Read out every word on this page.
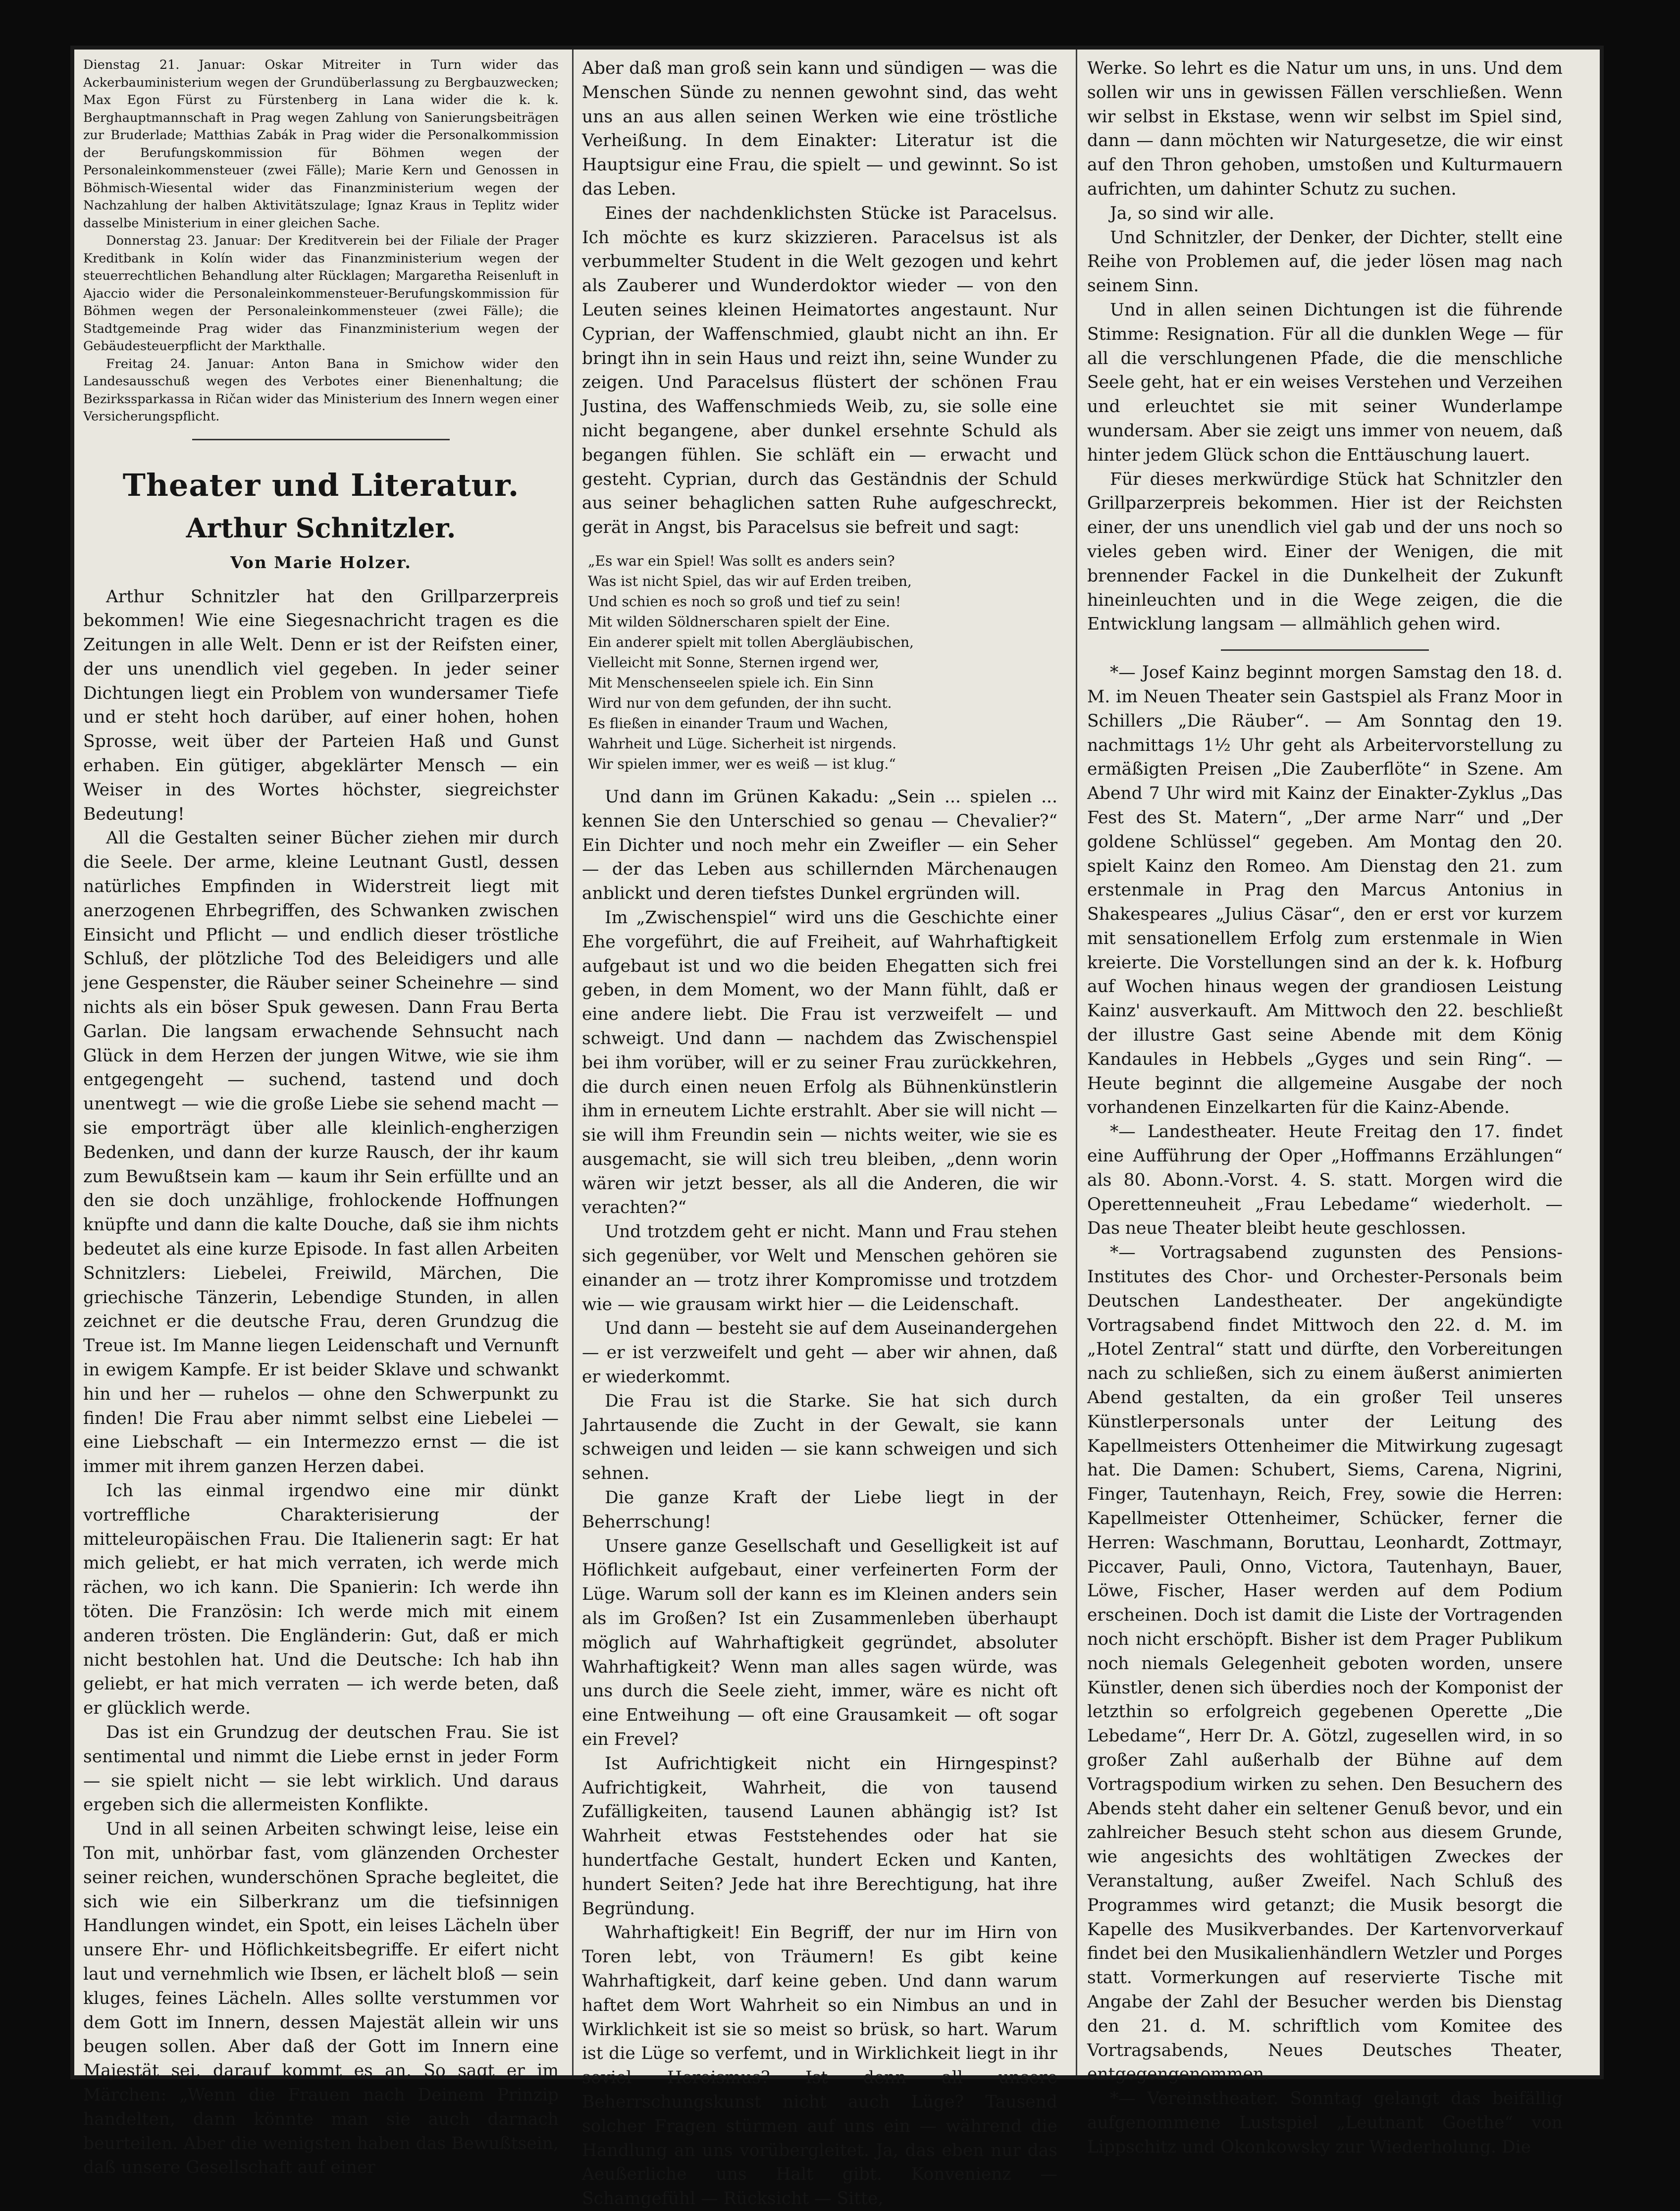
Dienstag 21. Januar: Oskar Mitreiter in Turn wider das Ackerbauministerium wegen der Grundüberlassung zu Bergbauzwecken; Max Egon Fürst zu Fürstenberg in Lana wider die k. k. Berghauptmannschaft in Prag wegen Zahlung von Sanierungsbeiträgen zur Bruderlade; Matthias Zabák in Prag wider die Personalkommission der Berufungskommission für Böhmen wegen der Personaleinkommensteuer (zwei Fälle); Marie Kern und Genossen in Böhmisch-Wiesental wider das Finanzministerium wegen der Nachzahlung der halben Aktivitätszulage; Ignaz Kraus in Teplitz wider dasselbe Ministerium in einer gleichen Sache.

Donnerstag 23. Januar: Der Kreditverein bei der Filiale der Prager Kreditbank in Kolín wider das Finanzministerium wegen der steuerrechtlichen Behandlung alter Rücklagen; Margaretha Reisenluft in Ajaccio wider die Personaleinkommensteuer-Berufungskommission für Böhmen wegen der Personaleinkommensteuer (zwei Fälle); die Stadtgemeinde Prag wider das Finanzministerium wegen der Gebäudesteuerpflicht der Markthalle.

Freitag 24. Januar: Anton Bana in Smichow wider den Landesausschuß wegen des Verbotes einer Bienenhaltung; die Bezirkssparkassa in Ričan wider das Ministerium des Innern wegen einer Versicherungspflicht.

Theater und Literatur.
Arthur Schnitzler.
Von Marie Holzer.

Arthur Schnitzler hat den Grillparzerpreis bekommen! Wie eine Siegesnachricht tragen es die Zeitungen in alle Welt. Denn er ist der Reifsten einer, der uns unendlich viel gegeben. In jeder seiner Dichtungen liegt ein Problem von wundersamer Tiefe und er steht hoch darüber, auf einer hohen, hohen Sprosse, weit über der Parteien Haß und Gunst erhaben. Ein gütiger, abgeklärter Mensch — ein Weiser in des Wortes höchster, siegreichster Bedeutung!

All die Gestalten seiner Bücher ziehen mir durch die Seele. Der arme, kleine Leutnant Gustl, dessen natürliches Empfinden in Widerstreit liegt mit anerzogenen Ehrbegriffen, des Schwanken zwischen Einsicht und Pflicht — und endlich dieser tröstliche Schluß, der plötzliche Tod des Beleidigers und alle jene Gespenster, die Räuber seiner Scheinehre — sind nichts als ein böser Spuk gewesen. Dann Frau Berta Garlan. Die langsam erwachende Sehnsucht nach Glück in dem Herzen der jungen Witwe, wie sie ihm entgegengeht — suchend, tastend und doch unentwegt — wie die große Liebe sie sehend macht — sie emporträgt über alle kleinlich-engherzigen Bedenken, und dann der kurze Rausch, der ihr kaum zum Bewußtsein kam — kaum ihr Sein erfüllte und an den sie doch unzählige, frohlockende Hoffnungen knüpfte und dann die kalte Douche, daß sie ihm nichts bedeutet als eine kurze Episode. In fast allen Arbeiten Schnitzlers: Liebelei, Freiwild, Märchen, Die griechische Tänzerin, Lebendige Stunden, in allen zeichnet er die deutsche Frau, deren Grundzug die Treue ist. Im Manne liegen Leidenschaft und Vernunft in ewigem Kampfe. Er ist beider Sklave und schwankt hin und her — ruhelos — ohne den Schwerpunkt zu finden! Die Frau aber nimmt selbst eine Liebelei — eine Liebschaft — ein Intermezzo ernst — die ist immer mit ihrem ganzen Herzen dabei.

Ich las einmal irgendwo eine mir dünkt vortreffliche Charakterisierung der mitteleuropäischen Frau. Die Italienerin sagt: Er hat mich geliebt, er hat mich verraten, ich werde mich rächen, wo ich kann. Die Spanierin: Ich werde ihn töten. Die Französin: Ich werde mich mit einem anderen trösten. Die Engländerin: Gut, daß er mich nicht bestohlen hat. Und die Deutsche: Ich hab ihn geliebt, er hat mich verraten — ich werde beten, daß er glücklich werde.

Das ist ein Grundzug der deutschen Frau. Sie ist sentimental und nimmt die Liebe ernst in jeder Form — sie spielt nicht — sie lebt wirklich. Und daraus ergeben sich die allermeisten Konflikte.

Und in all seinen Arbeiten schwingt leise, leise ein Ton mit, unhörbar fast, vom glänzenden Orchester seiner reichen, wunderschönen Sprache begleitet, die sich wie ein Silberkranz um die tiefsinnigen Handlungen windet, ein Spott, ein leises Lächeln über unsere Ehr- und Höflichkeitsbegriffe. Er eifert nicht laut und vernehmlich wie Ibsen, er lächelt bloß — sein kluges, feines Lächeln. Alles sollte verstummen vor dem Gott im Innern, dessen Majestät allein wir uns beugen sollen. Aber daß der Gott im Innern eine Majestät sei, darauf kommt es an. So sagt er im Märchen: „Wenn die Frauen nach Deinem Prinzip handelten, dann könnte man sie auch darnach beurteilen. Aber die wenigsten haben das Bewußtsein, daß unsere Gesellschaft auf einer

Aber daß man groß sein kann und sündigen — was die Menschen Sünde zu nennen gewohnt sind, das weht uns an aus allen seinen Werken wie eine tröstliche Verheißung. In dem Einakter: Literatur ist die Hauptsigur eine Frau, die spielt — und gewinnt. So ist das Leben.

Eines der nachdenklichsten Stücke ist Paracelsus. Ich möchte es kurz skizzieren. Paracelsus ist als verbummelter Student in die Welt gezogen und kehrt als Zauberer und Wunderdoktor wieder — von den Leuten seines kleinen Heimatortes angestaunt. Nur Cyprian, der Waffenschmied, glaubt nicht an ihn. Er bringt ihn in sein Haus und reizt ihn, seine Wunder zu zeigen. Und Paracelsus flüstert der schönen Frau Justina, des Waffenschmieds Weib, zu, sie solle eine nicht begangene, aber dunkel ersehnte Schuld als begangen fühlen. Sie schläft ein — erwacht und gesteht. Cyprian, durch das Geständnis der Schuld aus seiner behaglichen satten Ruhe aufgeschreckt, gerät in Angst, bis Paracelsus sie befreit und sagt:

„Es war ein Spiel! Was sollt es anders sein?
Was ist nicht Spiel, das wir auf Erden treiben,
Und schien es noch so groß und tief zu sein!
Mit wilden Söldnerscharen spielt der Eine.
Ein anderer spielt mit tollen Abergläubischen,
Vielleicht mit Sonne, Sternen irgend wer,
Mit Menschenseelen spiele ich. Ein Sinn
Wird nur von dem gefunden, der ihn sucht.
Es fließen in einander Traum und Wachen,
Wahrheit und Lüge. Sicherheit ist nirgends.
Wir spielen immer, wer es weiß — ist klug.“

Und dann im Grünen Kakadu: „Sein ... spielen ... kennen Sie den Unterschied so genau — Chevalier?“ Ein Dichter und noch mehr ein Zweifler — ein Seher — der das Leben aus schillernden Märchenaugen anblickt und deren tiefstes Dunkel ergründen will.

Im „Zwischenspiel“ wird uns die Geschichte einer Ehe vorgeführt, die auf Freiheit, auf Wahrhaftigkeit aufgebaut ist und wo die beiden Ehegatten sich frei geben, in dem Moment, wo der Mann fühlt, daß er eine andere liebt. Die Frau ist verzweifelt — und schweigt. Und dann — nachdem das Zwischenspiel bei ihm vorüber, will er zu seiner Frau zurückkehren, die durch einen neuen Erfolg als Bühnenkünstlerin ihm in erneutem Lichte erstrahlt. Aber sie will nicht — sie will ihm Freundin sein — nichts weiter, wie sie es ausgemacht, sie will sich treu bleiben, „denn worin wären wir jetzt besser, als all die Anderen, die wir verachten?“

Und trotzdem geht er nicht. Mann und Frau stehen sich gegenüber, vor Welt und Menschen gehören sie einander an — trotz ihrer Kompromisse und trotzdem wie — wie grausam wirkt hier — die Leidenschaft.

Und dann — besteht sie auf dem Auseinandergehen — er ist verzweifelt und geht — aber wir ahnen, daß er wiederkommt.

Die Frau ist die Starke. Sie hat sich durch Jahrtausende die Zucht in der Gewalt, sie kann schweigen und leiden — sie kann schweigen und sich sehnen.

Die ganze Kraft der Liebe liegt in der Beherrschung!

Unsere ganze Gesellschaft und Geselligkeit ist auf Höflichkeit aufgebaut, einer verfeinerten Form der Lüge. Warum soll der kann es im Kleinen anders sein als im Großen? Ist ein Zusammenleben überhaupt möglich auf Wahrhaftigkeit gegründet, absoluter Wahrhaftigkeit? Wenn man alles sagen würde, was uns durch die Seele zieht, immer, wäre es nicht oft eine Entweihung — oft eine Grausamkeit — oft sogar ein Frevel?

Ist Aufrichtigkeit nicht ein Hirngespinst? Aufrichtigkeit, Wahrheit, die von tausend Zufälligkeiten, tausend Launen abhängig ist? Ist Wahrheit etwas Feststehendes oder hat sie hundertfache Gestalt, hundert Ecken und Kanten, hundert Seiten? Jede hat ihre Berechtigung, hat ihre Begründung.

Wahrhaftigkeit! Ein Begriff, der nur im Hirn von Toren lebt, von Träumern! Es gibt keine Wahrhaftigkeit, darf keine geben. Und dann warum haftet dem Wort Wahrheit so ein Nimbus an und in Wirklichkeit ist sie so meist so brüsk, so hart. Warum ist die Lüge so verfemt, und in Wirklichkeit liegt in ihr soviel Heroismus? Ist denn all unsere Beherrschungskunst nicht auch Lüge? Tausend solcher Fragen stürmen auf uns ein — während die Handlung an uns vorübergleitet. Ja, das eben nur das Aeußerliche uns Halt gibt. Konvenienz — Schamgefühl — Rücksicht — Sitte,

Werke. So lehrt es die Natur um uns, in uns. Und dem sollen wir uns in gewissen Fällen verschließen. Wenn wir selbst in Ekstase, wenn wir selbst im Spiel sind, dann — dann möchten wir Naturgesetze, die wir einst auf den Thron gehoben, umstoßen und Kulturmauern aufrichten, um dahinter Schutz zu suchen.

Ja, so sind wir alle.

Und Schnitzler, der Denker, der Dichter, stellt eine Reihe von Problemen auf, die jeder lösen mag nach seinem Sinn.

Und in allen seinen Dichtungen ist die führende Stimme: Resignation. Für all die dunklen Wege — für all die verschlungenen Pfade, die die menschliche Seele geht, hat er ein weises Verstehen und Verzeihen und erleuchtet sie mit seiner Wunderlampe wundersam. Aber sie zeigt uns immer von neuem, daß hinter jedem Glück schon die Enttäuschung lauert.

Für dieses merkwürdige Stück hat Schnitzler den Grillparzerpreis bekommen. Hier ist der Reichsten einer, der uns unendlich viel gab und der uns noch so vieles geben wird. Einer der Wenigen, die mit brennender Fackel in die Dunkelheit der Zukunft hineinleuchten und in die Wege zeigen, die die Entwicklung langsam — allmählich gehen wird.

*— Josef Kainz beginnt morgen Samstag den 18. d. M. im Neuen Theater sein Gastspiel als Franz Moor in Schillers „Die Räuber“. — Am Sonntag den 19. nachmittags 1½ Uhr geht als Arbeitervorstellung zu ermäßigten Preisen „Die Zauberflöte“ in Szene. Am Abend 7 Uhr wird mit Kainz der Einakter-Zyklus „Das Fest des St. Matern“, „Der arme Narr“ und „Der goldene Schlüssel“ gegeben. Am Montag den 20. spielt Kainz den Romeo. Am Dienstag den 21. zum erstenmale in Prag den Marcus Antonius in Shakespeares „Julius Cäsar“, den er erst vor kurzem mit sensationellem Erfolg zum erstenmale in Wien kreierte. Die Vorstellungen sind an der k. k. Hofburg auf Wochen hinaus wegen der grandiosen Leistung Kainz' ausverkauft. Am Mittwoch den 22. beschließt der illustre Gast seine Abende mit dem König Kandaules in Hebbels „Gyges und sein Ring“. — Heute beginnt die allgemeine Ausgabe der noch vorhandenen Einzelkarten für die Kainz-Abende.

*— Landestheater. Heute Freitag den 17. findet eine Aufführung der Oper „Hoffmanns Erzählungen“ als 80. Abonn.-Vorst. 4. S. statt. Morgen wird die Operettenneuheit „Frau Lebedame“ wiederholt. — Das neue Theater bleibt heute geschlossen.

*— Vortragsabend zugunsten des Pensions-Institutes des Chor- und Orchester-Personals beim Deutschen Landestheater. Der angekündigte Vortragsabend findet Mittwoch den 22. d. M. im „Hotel Zentral“ statt und dürfte, den Vorbereitungen nach zu schließen, sich zu einem äußerst animierten Abend gestalten, da ein großer Teil unseres Künstlerpersonals unter der Leitung des Kapellmeisters Ottenheimer die Mitwirkung zugesagt hat. Die Damen: Schubert, Siems, Carena, Nigrini, Finger, Tautenhayn, Reich, Frey, sowie die Herren: Kapellmeister Ottenheimer, Schücker, ferner die Herren: Waschmann, Boruttau, Leonhardt, Zottmayr, Piccaver, Pauli, Onno, Victora, Tautenhayn, Bauer, Löwe, Fischer, Haser werden auf dem Podium erscheinen. Doch ist damit die Liste der Vortragenden noch nicht erschöpft. Bisher ist dem Prager Publikum noch niemals Gelegenheit geboten worden, unsere Künstler, denen sich überdies noch der Komponist der letzthin so erfolgreich gegebenen Operette „Die Lebedame“, Herr Dr. A. Götzl, zugesellen wird, in so großer Zahl außerhalb der Bühne auf dem Vortragspodium wirken zu sehen. Den Besuchern des Abends steht daher ein seltener Genuß bevor, und ein zahlreicher Besuch steht schon aus diesem Grunde, wie angesichts des wohltätigen Zweckes der Veranstaltung, außer Zweifel. Nach Schluß des Programmes wird getanzt; die Musik besorgt die Kapelle des Musikverbandes. Der Kartenvorverkauf findet bei den Musikalienhändlern Wetzler und Porges statt. Vormerkungen auf reservierte Tische mit Angabe der Zahl der Besucher werden bis Dienstag den 21. d. M. schriftlich vom Komitee des Vortragsabends, Neues Deutsches Theater, entgegengenommen.

*— Vereinstheater. Sonntag gelangt das beifällig aufgenommene Lustspiel „Leutnant Goethe“ von Lippschitz und Okonkowsky zur Wiederholung. Die
